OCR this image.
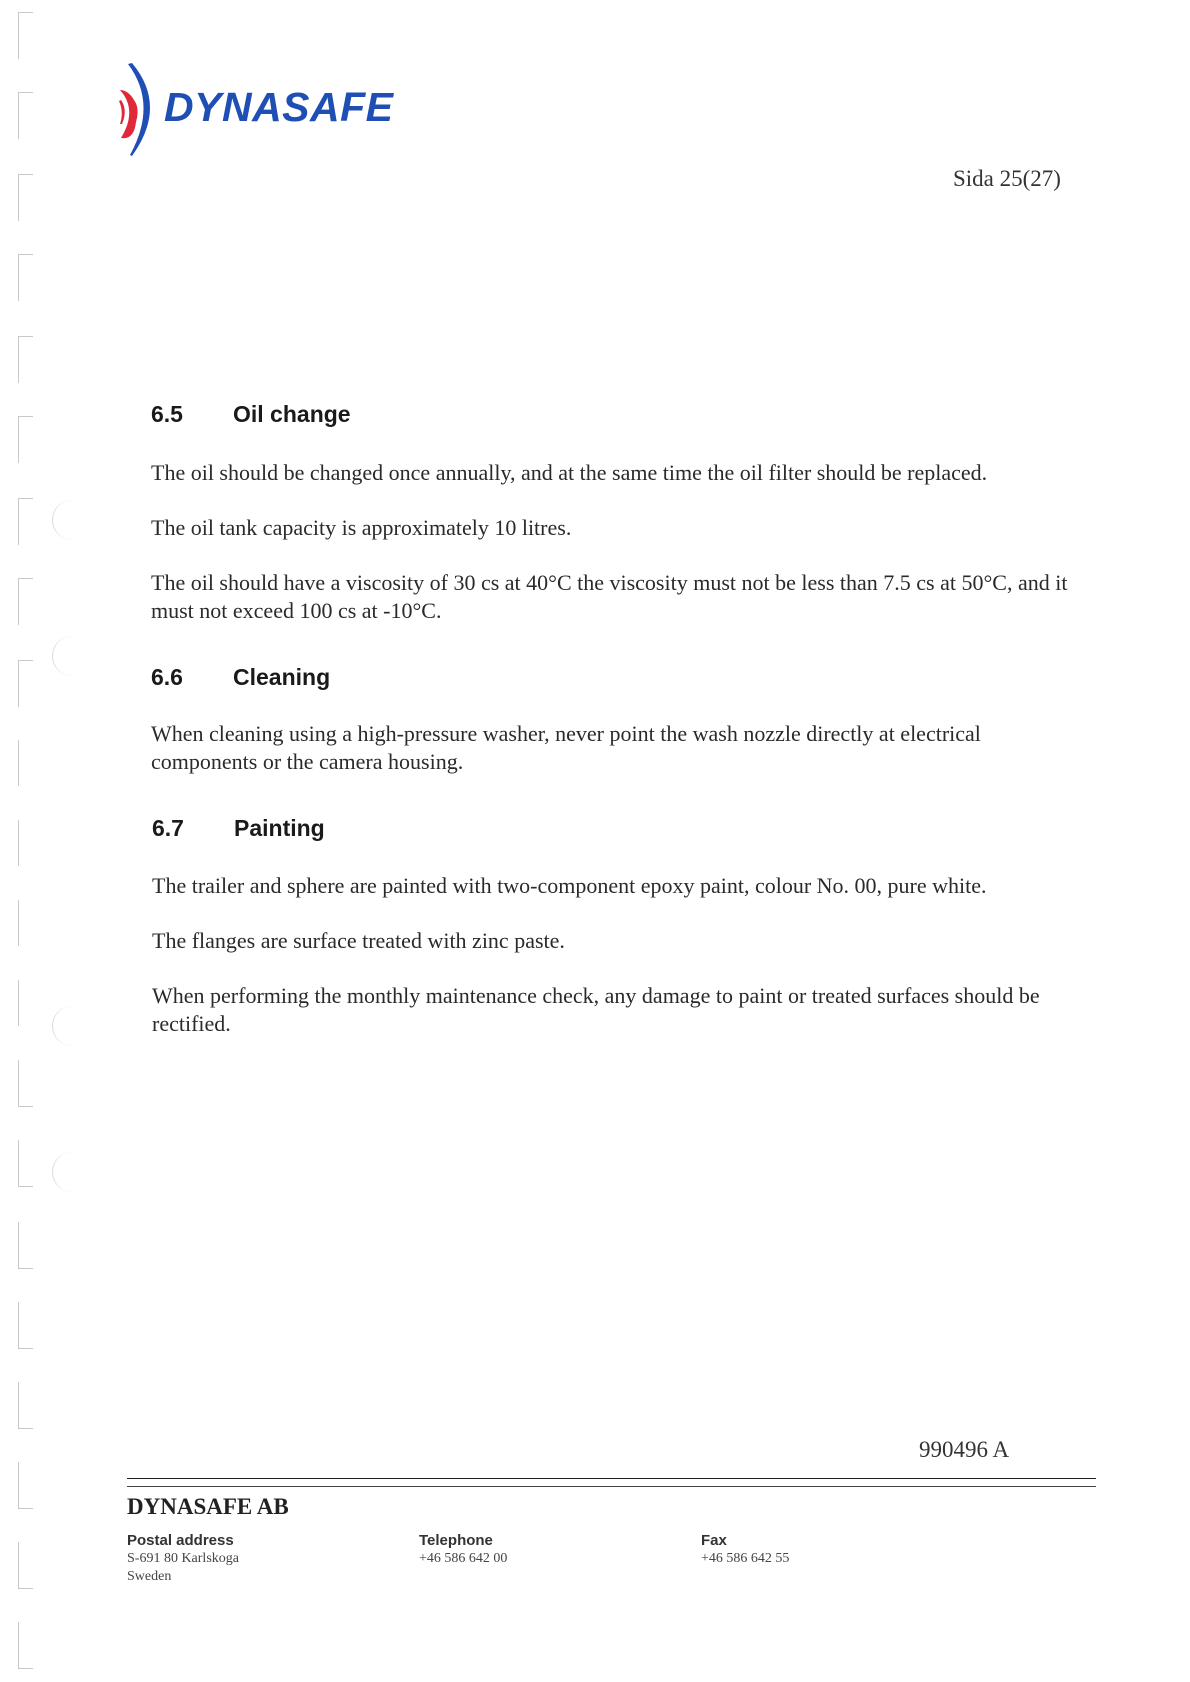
DYNASAFE
Sida 25(27)
6.5 Oil change

The oil should be changed once annually, and at the same time the oil filter should be replaced.

The oil tank capacity is approximately 10 litres.

The oil should have a viscosity of 30 cs at 40°C the viscosity must not be less than 7.5 cs at 50°C, and it must not exceed 100 cs at -10°C.

6.6 Cleaning

When cleaning using a high-pressure washer, never point the wash nozzle directly at electrical components or the camera housing.

6.7 Painting

The trailer and sphere are painted with two-component epoxy paint, colour No. 00, pure white.

The flanges are surface treated with zinc paste.

When performing the monthly maintenance check, any damage to paint or treated surfaces should be rectified.

990496 A
DYNASAFE AB
Postal address
S-691 80 Karlskoga
Sweden
Telephone
+46 586 642 00
Fax
+46 586 642 55
